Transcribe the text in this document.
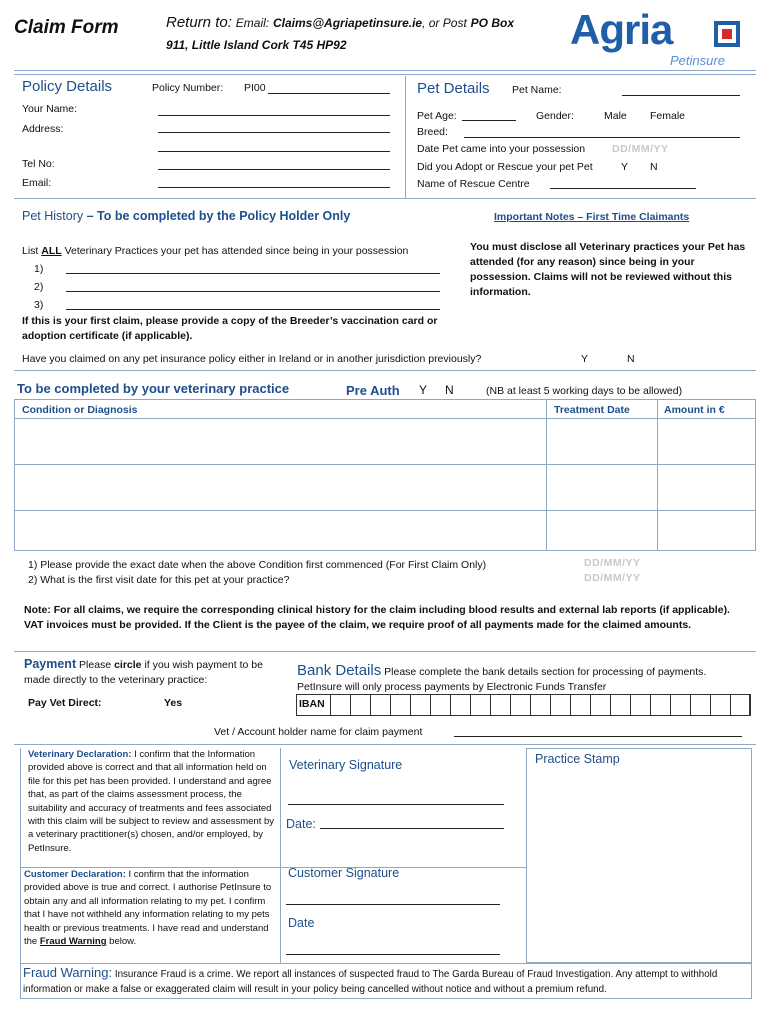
Claim Form	Return to: Email: Claims@Agriapetinsure.ie, or Post PO Box
911, Little Island Cork T45 HP92	Agria
Petinsure
Policy Details	Policy Number: PI00
Your Name:
Address:
Tel No:
Email:
Pet Details Pet Name:
Pet Age:	Gender:	Male Female
Breed:
Date Pet came into your possession	DD/MM/YY
Did you Adopt or Rescue your pet Pet	Y N
Name of Rescue Centre
Pet History – To be completed by the Policy Holder Only	Important Notes – First Time Claimants
List ALL Veterinary Practices your pet has attended since being in your possession
1)
2)
3)
You must disclose all Veterinary practices your Pet has attended (for any reason) since being in your possession. Claims will not be reviewed without this information.
If this is your first claim, please provide a copy of the Breeder’s vaccination card or adoption certificate (if applicable).
Have you claimed on any pet insurance policy either in Ireland or in another jurisdiction previously?	Y	N
To be completed by your veterinary practice	Pre Auth Y N	(NB at least 5 working days to be allowed)
Condition or Diagnosis	Treatment Date	Amount in €
1) Please provide the exact date when the above Condition first commenced (For First Claim Only)	DD/MM/YY
2) What is the first visit date for this pet at your practice?	DD/MM/YY
Note: For all claims, we require the corresponding clinical history for the claim including blood results and external lab reports (if applicable). VAT invoices must be provided. If the Client is the payee of the claim, we require proof of all payments made for the claimed amounts.
Payment Please circle if you wish payment to be made directly to the veterinary practice:
Pay Vet Direct:	Yes
Bank Details Please complete the bank details section for processing of payments. PetInsure will only process payments by Electronic Funds Transfer
IBAN
Vet / Account holder name for claim payment
Veterinary Declaration: I confirm that the Information provided above is correct and that all information held on file for this pet has been provided. I understand and agree that, as part of the claims assessment process, the suitability and accuracy of treatments and fees associated with this claim will be subject to review and assessment by a veterinary practitioner(s) chosen, and/or employed, by PetInsure.
Customer Declaration: I confirm that the information provided above is true and correct. I authorise PetInsure to obtain any and all information relating to my pet. I confirm that I have not withheld any information relating to my pets health or previous treatments. I have read and understand the Fraud Warning below.
Veterinary Signature
Date:
Practice Stamp
Customer Signature
Date
Fraud Warning: Insurance Fraud is a crime. We report all instances of suspected fraud to The Garda Bureau of Fraud Investigation. Any attempt to withhold information or make a false or exaggerated claim will result in your policy being cancelled without notice and without a premium refund.
